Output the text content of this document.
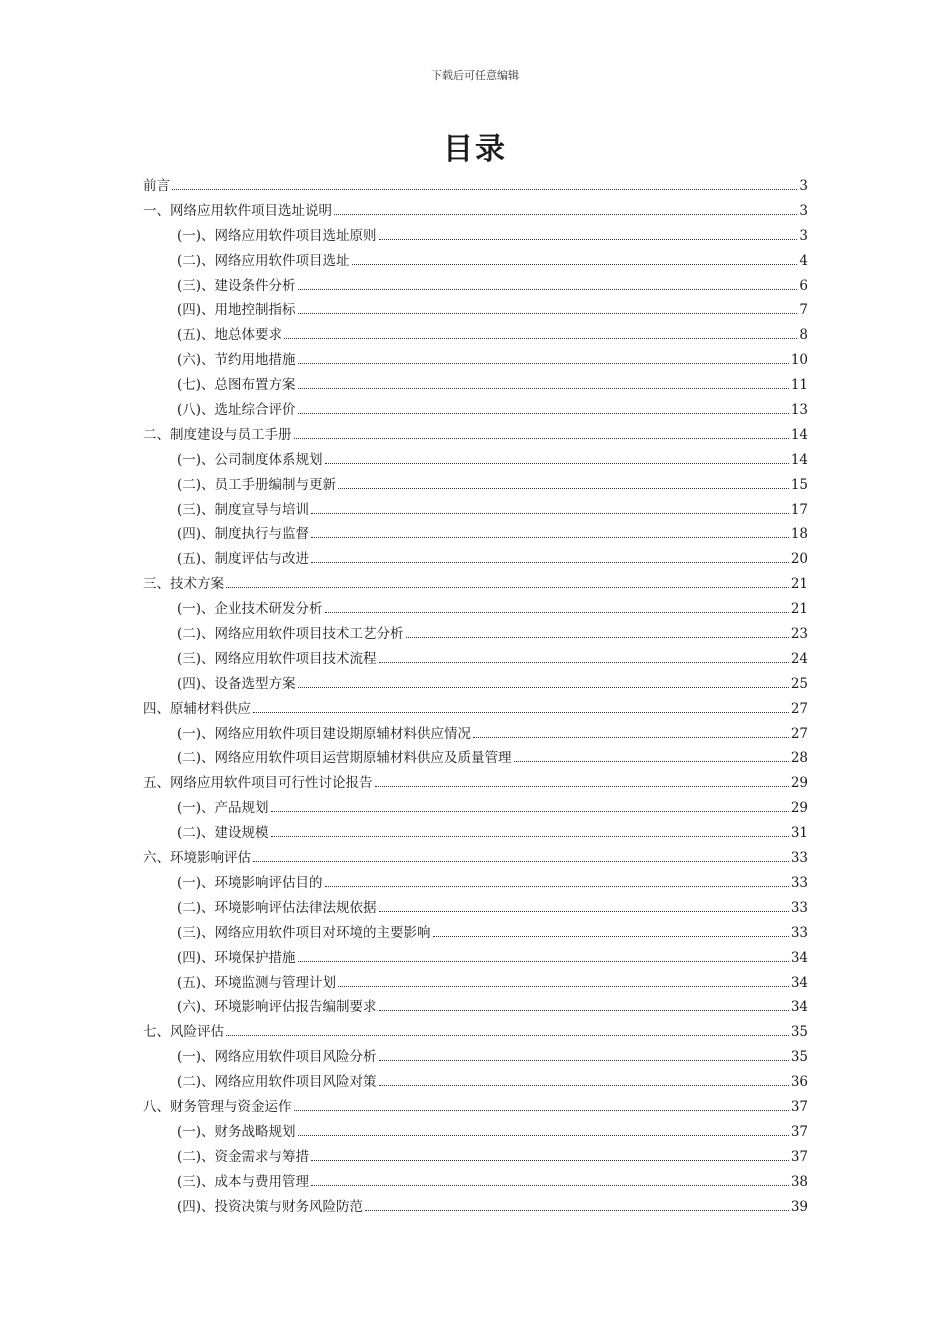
下载后可任意编辑
目录
前言	3
一、网络应用软件项目选址说明	3
(一)、网络应用软件项目选址原则	3
(二)、网络应用软件项目选址	4
(三)、建设条件分析	6
(四)、用地控制指标	7
(五)、地总体要求	8
(六)、节约用地措施	10
(七)、总图布置方案	11
(八)、选址综合评价	13
二、制度建设与员工手册	14
(一)、公司制度体系规划	14
(二)、员工手册编制与更新	15
(三)、制度宣导与培训	17
(四)、制度执行与监督	18
(五)、制度评估与改进	20
三、技术方案	21
(一)、企业技术研发分析	21
(二)、网络应用软件项目技术工艺分析	23
(三)、网络应用软件项目技术流程	24
(四)、设备选型方案	25
四、原辅材料供应	27
(一)、网络应用软件项目建设期原辅材料供应情况	27
(二)、网络应用软件项目运营期原辅材料供应及质量管理	28
五、网络应用软件项目可行性讨论报告	29
(一)、产品规划	29
(二)、建设规模	31
六、环境影响评估	33
(一)、环境影响评估目的	33
(二)、环境影响评估法律法规依据	33
(三)、网络应用软件项目对环境的主要影响	33
(四)、环境保护措施	34
(五)、环境监测与管理计划	34
(六)、环境影响评估报告编制要求	34
七、风险评估	35
(一)、网络应用软件项目风险分析	35
(二)、网络应用软件项目风险对策	36
八、财务管理与资金运作	37
(一)、财务战略规划	37
(二)、资金需求与筹措	37
(三)、成本与费用管理	38
(四)、投资决策与财务风险防范	39
